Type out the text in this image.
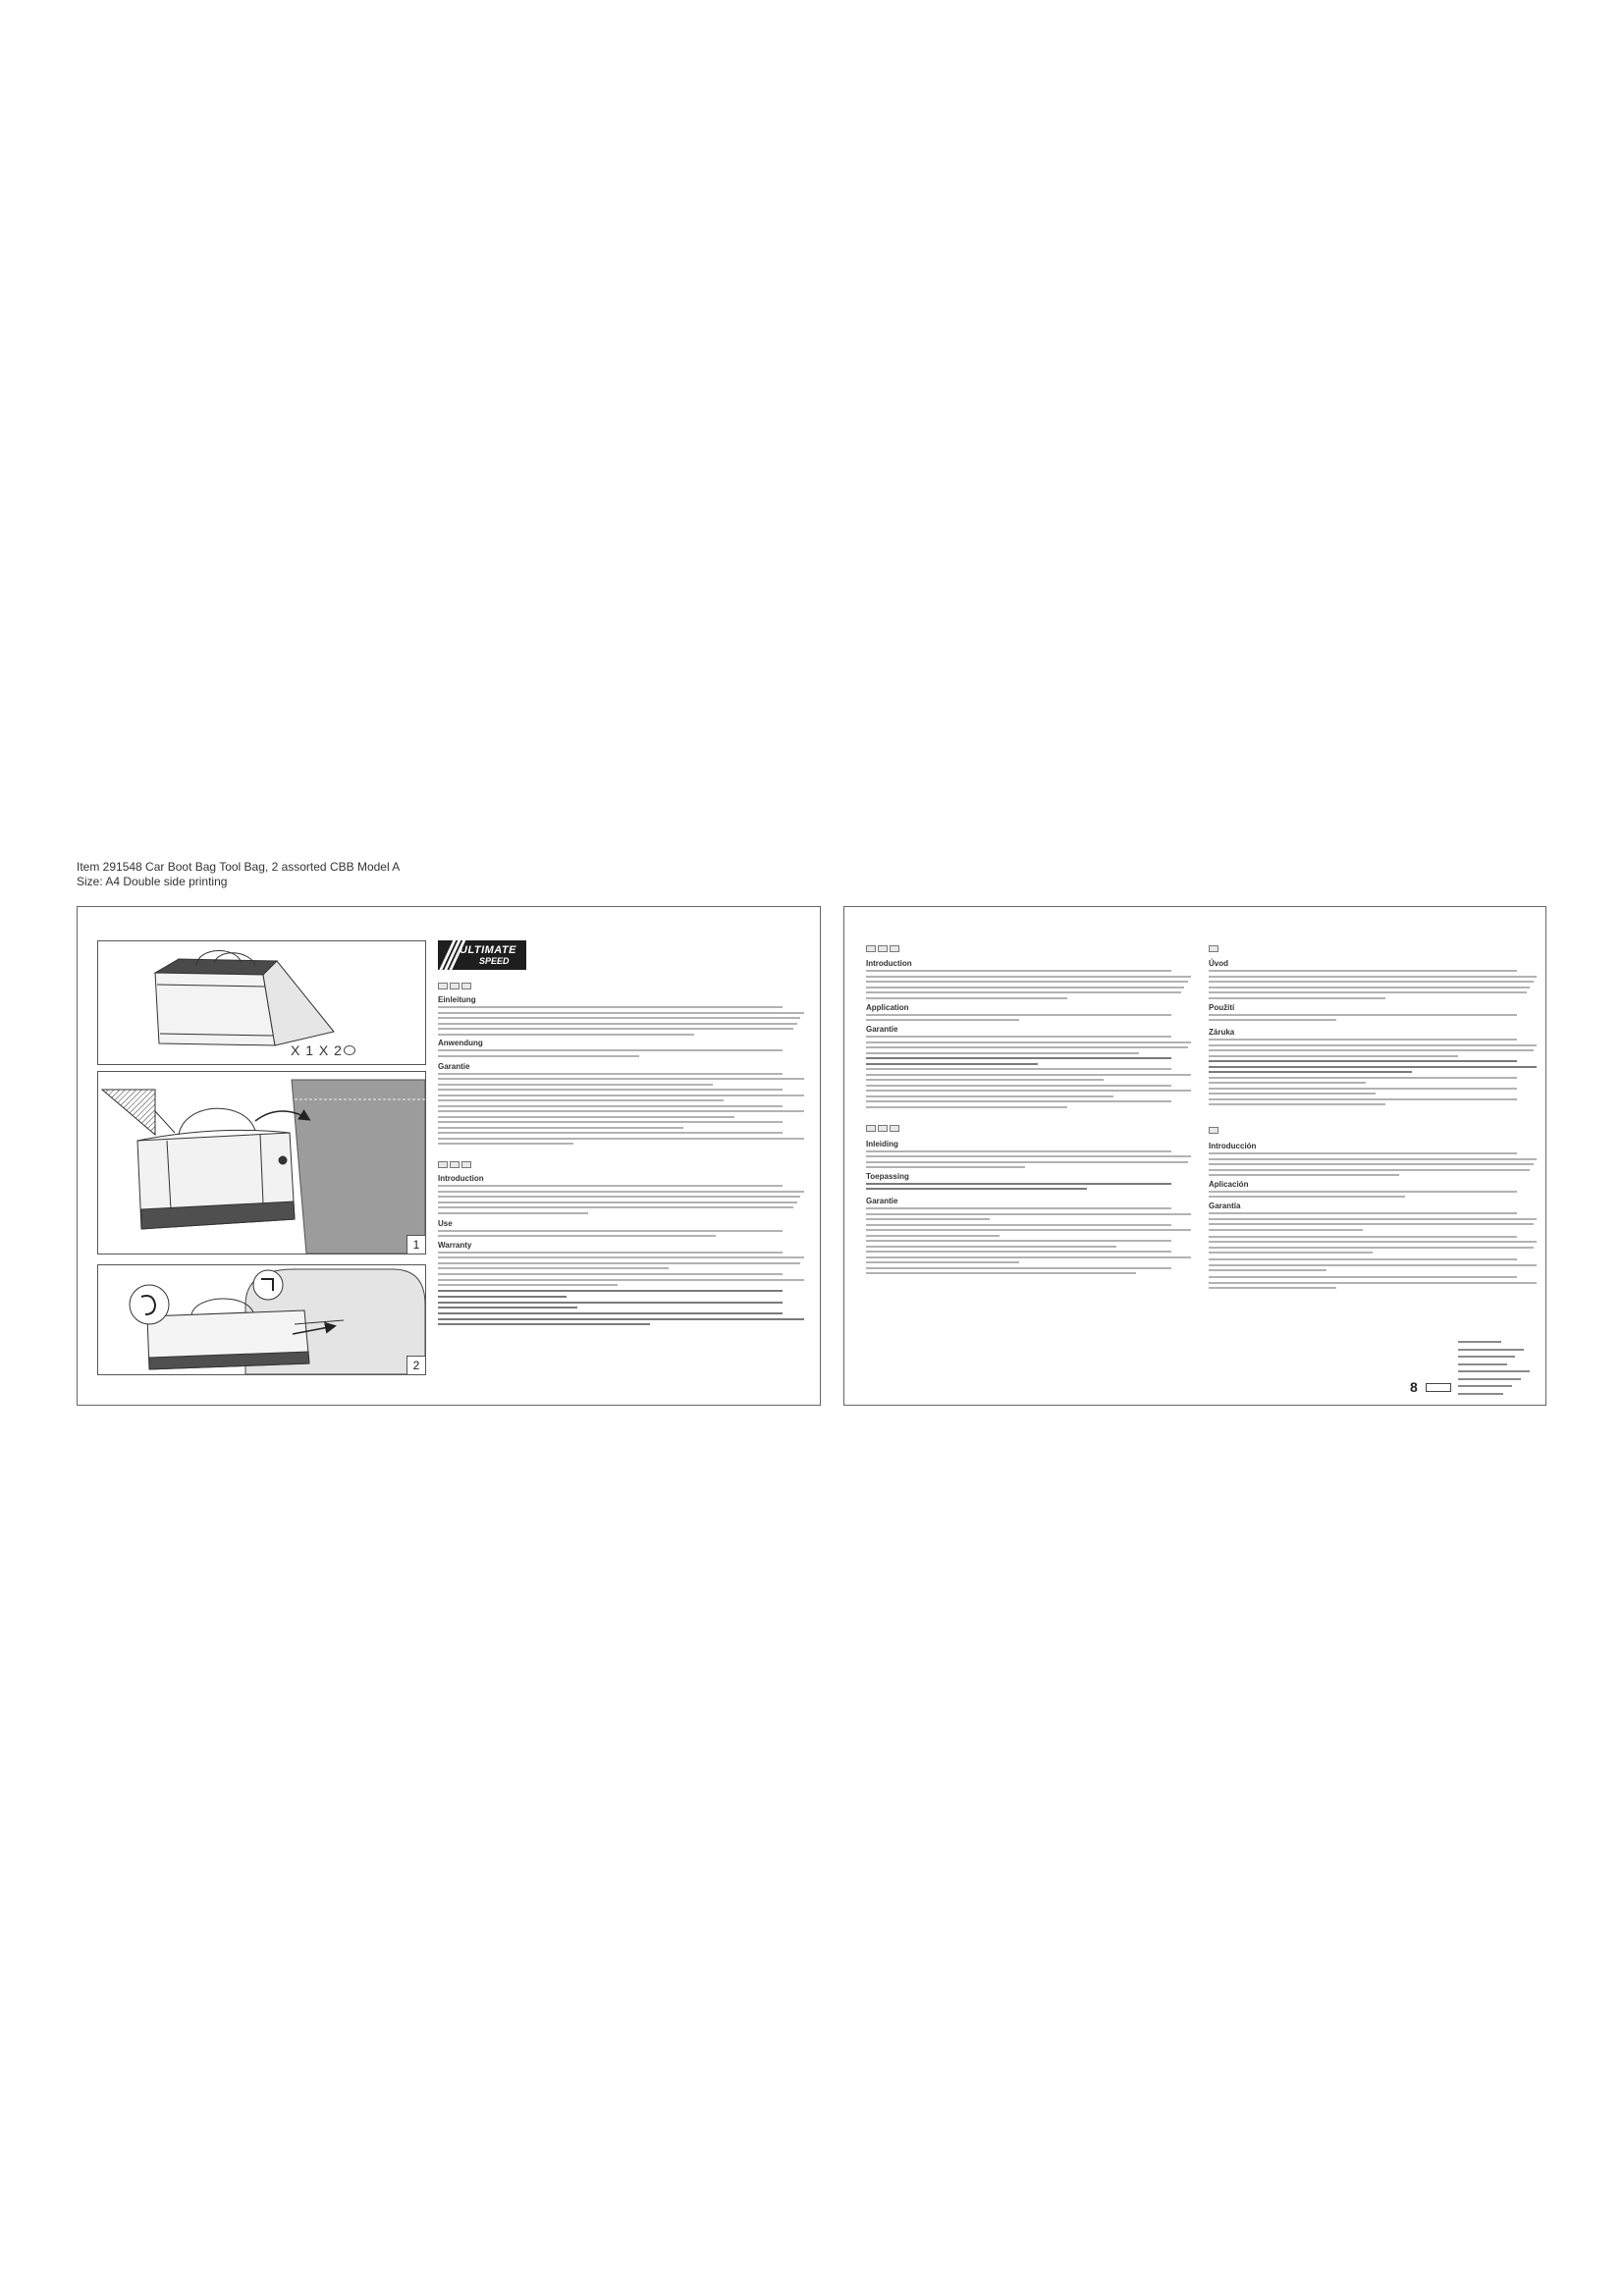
Item 291548 Car Boot Bag Tool Bag, 2 assorted CBB Model A
Size: A4 Double side printing
X 1 X 2
1
2
ULTIMATE
SPEED
Einleitung
Anwendung
Garantie
Introduction
Use
Warranty
Introduction
Application
Garantie
Inleiding
Toepassing
Garantie
Úvod
Použití
Záruka
Introducción
Aplicación
Garantía
8
